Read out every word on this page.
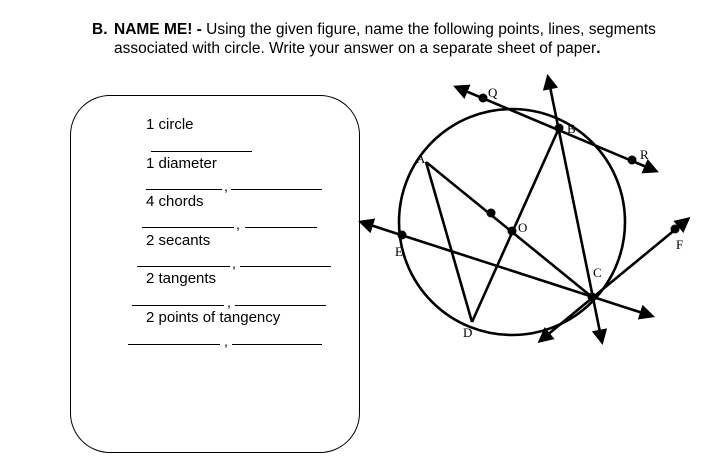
B. NAME ME! - Using the given figure, name the following points, lines, segments associated with circle. Write your answer on a separate sheet of paper.
1 circle
1 diameter
,
4 chords
,
2 secants
,
2 tangents
,
2 points of tangency
,
Q
B
R
A
O
E	F
C
D
